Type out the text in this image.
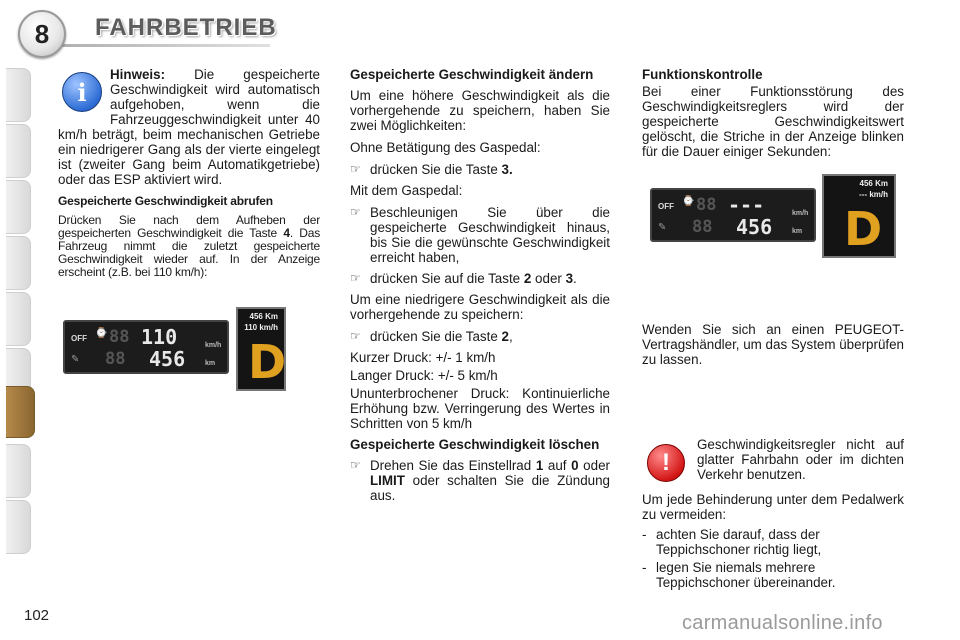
8	FAHRBETRIEB
i

Hinweis: Die gespeicherte Geschwindigkeit wird automatisch aufgehoben, wenn die Fahrzeuggeschwindigkeit unter 40 km/h beträgt, beim mechanischen Getriebe ein niedrigerer Gang als der vierte eingelegt ist (zweiter Gang beim Automatikgetriebe) oder das ESP aktiviert wird.

Gespeicherte Geschwindigkeit abrufen

Drücken Sie nach dem Aufheben der gespeicherten Geschwindigkeit die Taste 4. Das Fahrzeug nimmt die zuletzt gespeicherte Geschwindigkeit wieder auf. In der Anzeige erscheint (z.B. bei 110 km/h):

OFF ⌚ 88 110	km/h
88 456	km
✎
456 Km
110 km/h
D
Gespeicherte Geschwindigkeit ändern

Um eine höhere Geschwindigkeit als die vorhergehende zu speichern, haben Sie zwei Möglichkeiten:

Ohne Betätigung des Gaspedal:

☞ drücken Sie die Taste 3.

Mit dem Gaspedal:

☞ Beschleunigen Sie über die gespeicherte Geschwindigkeit hinaus, bis Sie die gewünschte Geschwindigkeit erreicht haben,
☞ drücken Sie auf die Taste 2 oder 3.

Um eine niedrigere Geschwindigkeit als die vorhergehende zu speichern:

☞ drücken Sie die Taste 2,

Kurzer Druck: +/- 1 km/h

Langer Druck: +/- 5 km/h

Ununterbrochener Druck: Kontinuierliche Erhöhung bzw. Verringerung des Wertes in Schritten von 5 km/h

Gespeicherte Geschwindigkeit löschen
☞ Drehen Sie das Einstellrad 1 auf 0 oder LIMIT oder schalten Sie die Zündung aus.
Funktionskontrolle

Bei einer Funktionsstörung des Geschwindigkeitsreglers wird der gespeicherte Geschwindigkeitswert gelöscht, die Striche in der Anzeige blinken für die Dauer einiger Sekunden:

OFF ⌚ 88 ---	km/h
88 456	km
✎
456 Km
--- km/h
D

Wenden Sie sich an einen PEUGEOT-Vertragshändler, um das System überprüfen zu lassen.

!

Geschwindigkeitsregler nicht auf glatter Fahrbahn oder im dichten Verkehr benutzen.

Um jede Behinderung unter dem Pedalwerk zu vermeiden:

- achten Sie darauf, dass der Teppichschoner richtig liegt,
- legen Sie niemals mehrere Teppichschoner übereinander.
102	carmanualsonline.info
